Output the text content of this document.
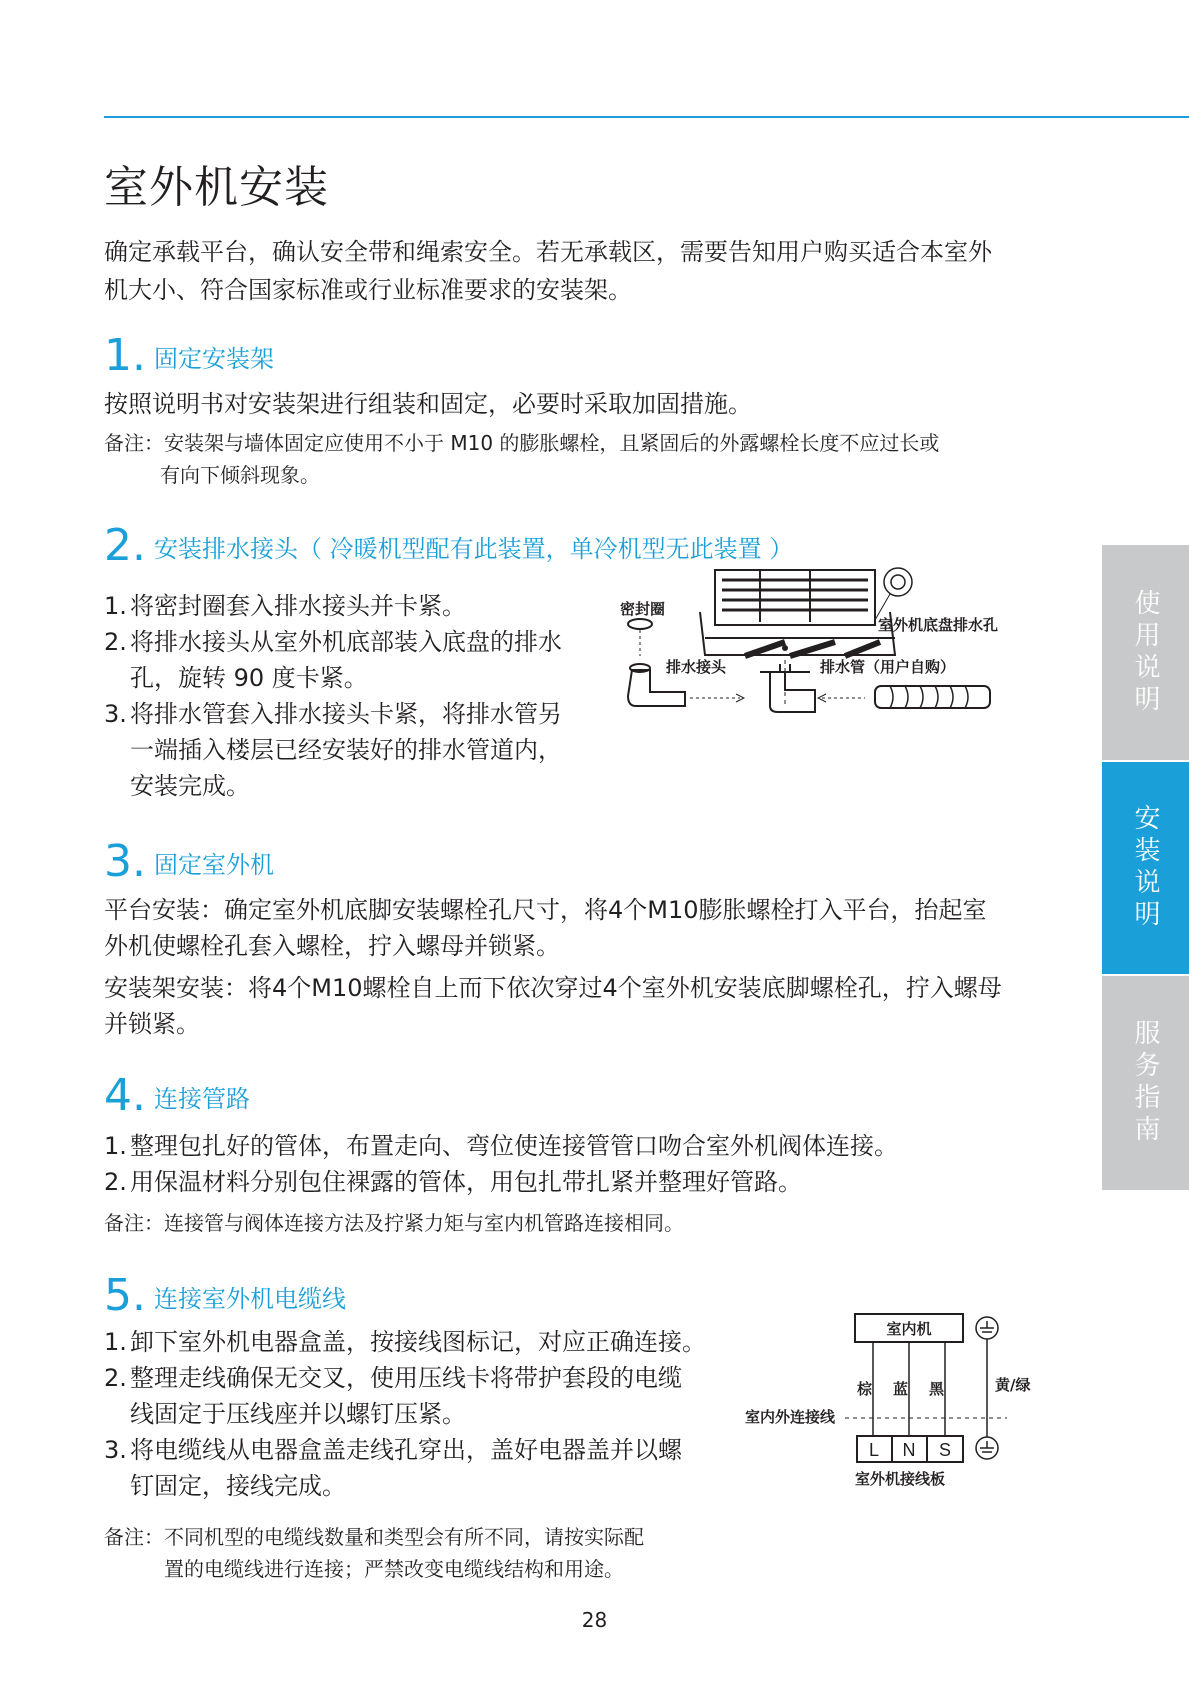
室外机安装

确定承载平台，确认安全带和绳索安全。若无承载区，需要告知用户购买适合本室外

机大小、符合国家标准或行业标准要求的安装架。

1 . 固定安装架

按照说明书对安装架进行组装和固定，必要时采取加固措施。

备注：安装架与墙体固定应使用不小于 M10 的膨胀螺栓，且紧固后的外露螺栓长度不应过长或

有向下倾斜现象。

2 . 安装排水接头（ 冷暖机型配有此装置，单冷机型无此装置 ）

1. 将密封圈套入排水接头并卡紧。

2. 将排水接头从室外机底部装入底盘的排水

孔，旋转 90 度卡紧。

3. 将排水管套入排水接头卡紧，将排水管另

一端插入楼层已经安装好的排水管道内，

安装完成。

室外机底盘排水孔
密封圈
排水接头	排水管（用户自购）
3 . 固定室外机

平台安装：确定室外机底脚安装螺栓孔尺寸，将4个M10膨胀螺栓打入平台，抬起室

外机使螺栓孔套入螺栓，拧入螺母并锁紧。

安装架安装：将4个M10螺栓自上而下依次穿过4个室外机安装底脚螺栓孔，拧入螺母

并锁紧。

4 . 连接管路

1. 整理包扎好的管体，布置走向、弯位使连接管管口吻合室外机阀体连接。

2. 用保温材料分别包住裸露的管体，用包扎带扎紧并整理好管路。

备注：连接管与阀体连接方法及拧紧力矩与室内机管路连接相同。

5 . 连接室外机电缆线

1. 卸下室外机电器盒盖，按接线图标记，对应正确连接。

2. 整理走线确保无交叉，使用压线卡将带护套段的电缆

线固定于压线座并以螺钉压紧。

3. 将电缆线从电器盒盖走线孔穿出，盖好电器盖并以螺

钉固定，接线完成。

备注：不同机型的电缆线数量和类型会有所不同，请按实际配

置的电缆线进行连接；严禁改变电缆线结构和用途。

室内机
棕 蓝 黑	黄/绿
室内外连接线
L N S
室外机接线板
使用说明
安装说明
服务指南
28
